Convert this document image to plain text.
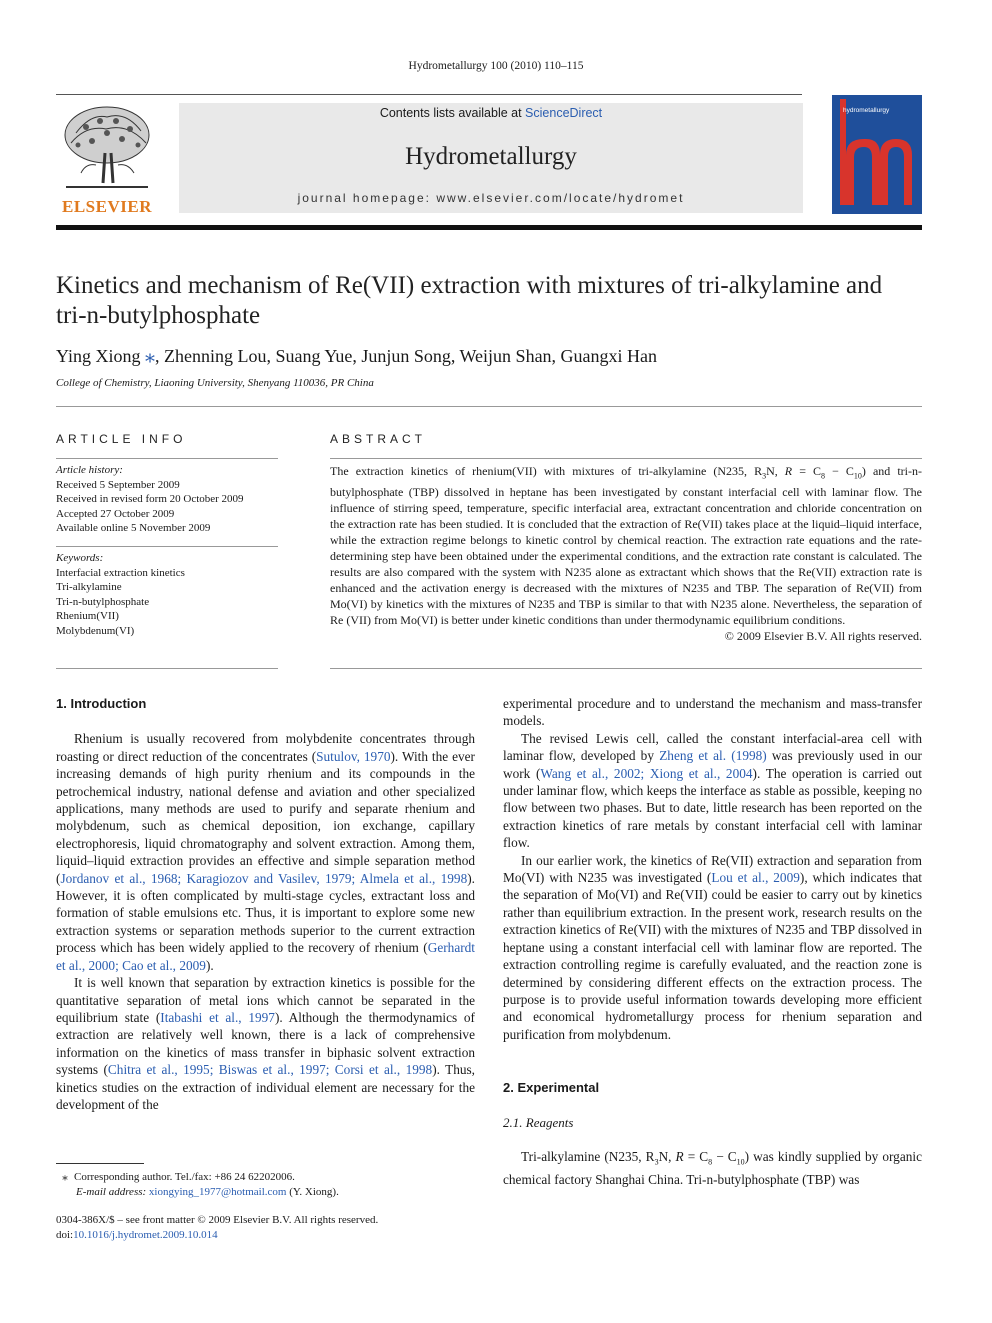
Hydrometallurgy 100 (2010) 110–115
ELSEVIER
Contents lists available at ScienceDirect
Hydrometallurgy
journal homepage: www.elsevier.com/locate/hydromet
hydrometallurgy
Kinetics and mechanism of Re(VII) extraction with mixtures of tri-alkylamine and tri-n-butylphosphate
Ying Xiong ⁎, Zhenning Lou, Suang Yue, Junjun Song, Weijun Shan, Guangxi Han
College of Chemistry, Liaoning University, Shenyang 110036, PR China
ARTICLE INFO
Article history:
Received 5 September 2009
Received in revised form 20 October 2009
Accepted 27 October 2009
Available online 5 November 2009
Keywords:
Interfacial extraction kinetics
Tri-alkylamine
Tri-n-butylphosphate
Rhenium(VII)
Molybdenum(VI)
ABSTRACT
The extraction kinetics of rhenium(VII) with mixtures of tri-alkylamine (N235, $R_3N$, $R = C_8 - C_{10}$) and tri-n-butylphosphate (TBP) dissolved in heptane has been investigated by constant interfacial cell with laminar flow. The influence of stirring speed, temperature, specific interfacial area, extractant concentration and chloride concentration on the extraction rate has been studied. It is concluded that the extraction of Re(VII) takes place at the liquid–liquid interface, while the extraction regime belongs to kinetic control by chemical reaction. The extraction rate equations and the rate-determining step have been obtained under the experimental conditions, and the extraction rate constant is calculated. The results are also compared with the system with N235 alone as extractant which shows that the Re(VII) extraction rate is enhanced and the activation energy is decreased with the mixtures of N235 and TBP. The separation of Re(VII) from Mo(VI) by kinetics with the mixtures of N235 and TBP is similar to that with N235 alone. Nevertheless, the separation of Re (VII) from Mo(VI) is better under kinetic conditions than under thermodynamic equilibrium conditions.
© 2009 Elsevier B.V. All rights reserved.
1. Introduction

Rhenium is usually recovered from molybdenite concentrates through roasting or direct reduction of the concentrates (Sutulov, 1970). With the ever increasing demands of high purity rhenium and its compounds in the petrochemical industry, national defense and aviation and other specialized applications, many methods are used to purify and separate rhenium and molybdenum, such as chemical deposition, ion exchange, capillary electrophoresis, liquid chromatography and solvent extraction. Among them, liquid–liquid extraction provides an effective and simple separation method (Jordanov et al., 1968; Karagiozov and Vasilev, 1979; Almela et al., 1998). However, it is often complicated by multi-stage cycles, extractant loss and formation of stable emulsions etc. Thus, it is important to explore some new extraction systems or separation methods superior to the current extraction process which has been widely applied to the recovery of rhenium (Gerhardt et al., 2000; Cao et al., 2009).

It is well known that separation by extraction kinetics is possible for the quantitative separation of metal ions which cannot be separated in the equilibrium state (Itabashi et al., 1997). Although the thermodynamics of extraction are relatively well known, there is a lack of comprehensive information on the kinetics of mass transfer in biphasic solvent extraction systems (Chitra et al., 1995; Biswas et al., 1997; Corsi et al., 1998). Thus, kinetics studies on the extraction of individual element are necessary for the development of the

⁎ Corresponding author. Tel./fax: +86 24 62202006.
E-mail address: xiongying_1977@hotmail.com (Y. Xiong).
0304-386X/$ – see front matter © 2009 Elsevier B.V. All rights reserved.
doi:10.1016/j.hydromet.2009.10.014

experimental procedure and to understand the mechanism and mass-transfer models.

The revised Lewis cell, called the constant interfacial-area cell with laminar flow, developed by Zheng et al. (1998) was previously used in our work (Wang et al., 2002; Xiong et al., 2004). The operation is carried out under laminar flow, which keeps the interface as stable as possible, keeping no flow between two phases. But to date, little research has been reported on the extraction kinetics of rare metals by constant interfacial cell with laminar flow.

In our earlier work, the kinetics of Re(VII) extraction and separation from Mo(VI) with N235 was investigated (Lou et al., 2009), which indicates that the separation of Mo(VI) and Re(VII) could be easier to carry out by kinetics rather than equilibrium extraction. In the present work, research results on the extraction kinetics of Re(VII) with the mixtures of N235 and TBP dissolved in heptane using a constant interfacial cell with laminar flow are reported. The extraction controlling regime is carefully evaluated, and the reaction zone is determined by considering different effects on the extraction process. The purpose is to provide useful information towards developing more efficient and economical hydrometallurgy process for rhenium separation and purification from molybdenum.

2. Experimental
2.1. Reagents

Tri-alkylamine (N235, $R_3N$, $R = C_8 - C_{10}$) was kindly supplied by organic chemical factory Shanghai China. Tri-n-butylphosphate (TBP) was
